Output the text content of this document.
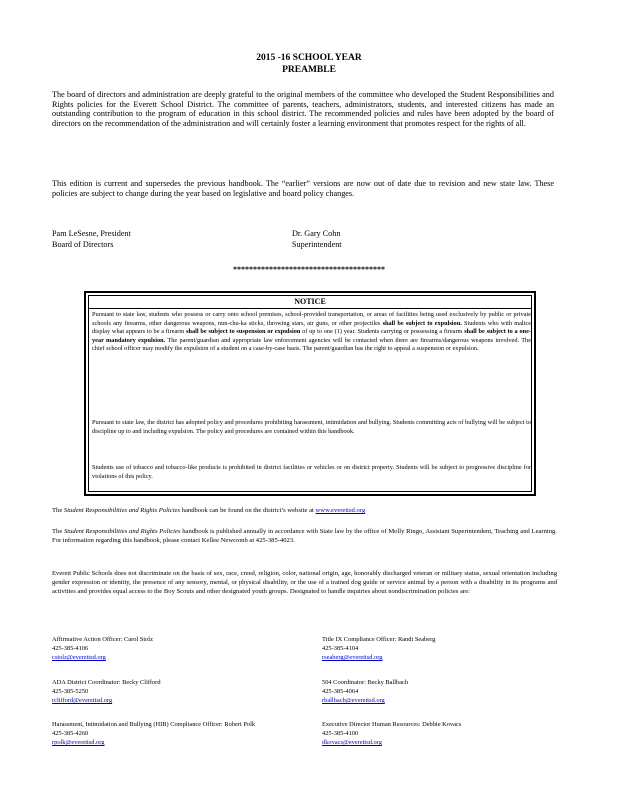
2015 -16 SCHOOL YEAR
PREAMBLE
The board of directors and administration are deeply grateful to the original members of the committee who developed the Student Responsibilities and Rights policies for the Everett School District. The committee of parents, teachers, administrators, students, and interested citizens has made an outstanding contribution to the program of education in this school district. The recommended policies and rules have been adopted by the board of directors on the recommendation of the administration and will certainly foster a learning environment that promotes respect for the rights of all.
This edition is current and supersedes the previous handbook. The “earlier” versions are now out of date due to revision and new state law. These policies are subject to change during the year based on legislative and board policy changes.
Pam LeSesne, President
Board of Directors
Dr. Gary Cohn
Superintendent
**************************************
NOTICE
Pursuant to state law, students who possess or carry onto school premises, school-provided transportation, or areas of facilities being used exclusively by public or private schools any firearms, other dangerous weapons, nun-chu-ka sticks, throwing stars, air guns, or other projectiles shall be subject to expulsion. Students who with malice display what appears to be a firearm shall be subject to suspension or expulsion of up to one (1) year. Students carrying or possessing a firearm shall be subject to a one-year mandatory expulsion. The parent/guardian and appropriate law enforcement agencies will be contacted when there are firearms/dangerous weapons involved. The chief school officer may modify the expulsion of a student on a case-by-case basis. The parent/guardian has the right to appeal a suspension or expulsion.
Pursuant to state law, the district has adopted policy and procedures prohibiting harassment, intimidation and bullying. Students committing acts of bullying will be subject to discipline up to and including expulsion. The policy and procedures are contained within this handbook.
Students use of tobacco and tobacco-like products is prohibited in district facilities or vehicles or on district property. Students will be subject to progressive discipline for violations of this policy.
The Student Responsibilities and Rights Policies handbook can be found on the district’s website at www.everettsd.org
The Student Responsibilities and Rights Policies handbook is published annually in accordance with State law by the office of Molly Ringo, Assistant Superintendent, Teaching and Learning. For information regarding this handbook, please contact Kellee Newcomb at 425-385-4023.
Everett Public Schools does not discriminate on the basis of sex, race, creed, religion, color, national origin, age, honorably discharged veteran or military status, sexual orientation including gender expression or identity, the presence of any sensory, mental, or physical disability, or the use of a trained dog guide or service animal by a person with a disability in its programs and activities and provides equal access to the Boy Scouts and other designated youth groups. Designated to handle inquiries about nondiscrimination policies are:
Affirmative Action Officer: Carol Stolz
425-385-4106
cstolz@everettsd.org
Title IX Compliance Officer: Randi Seaberg
425-385-4104
rseaberg@everettsd.org
ADA District Coordinator: Becky Clifford
425-385-5250
rclifford@everettsd.org
504 Coordinator: Becky Ballbach
425-385-4064
rballbach@everettsd.org
Harassment, Intimidation and Bullying (HIB) Compliance Officer: Robert Polk
425-385-4260
rpolk@everettsd.org
Executive Director Human Resources: Debbie Kovacs
425-385-4100
dkovacs@everettsd.org
